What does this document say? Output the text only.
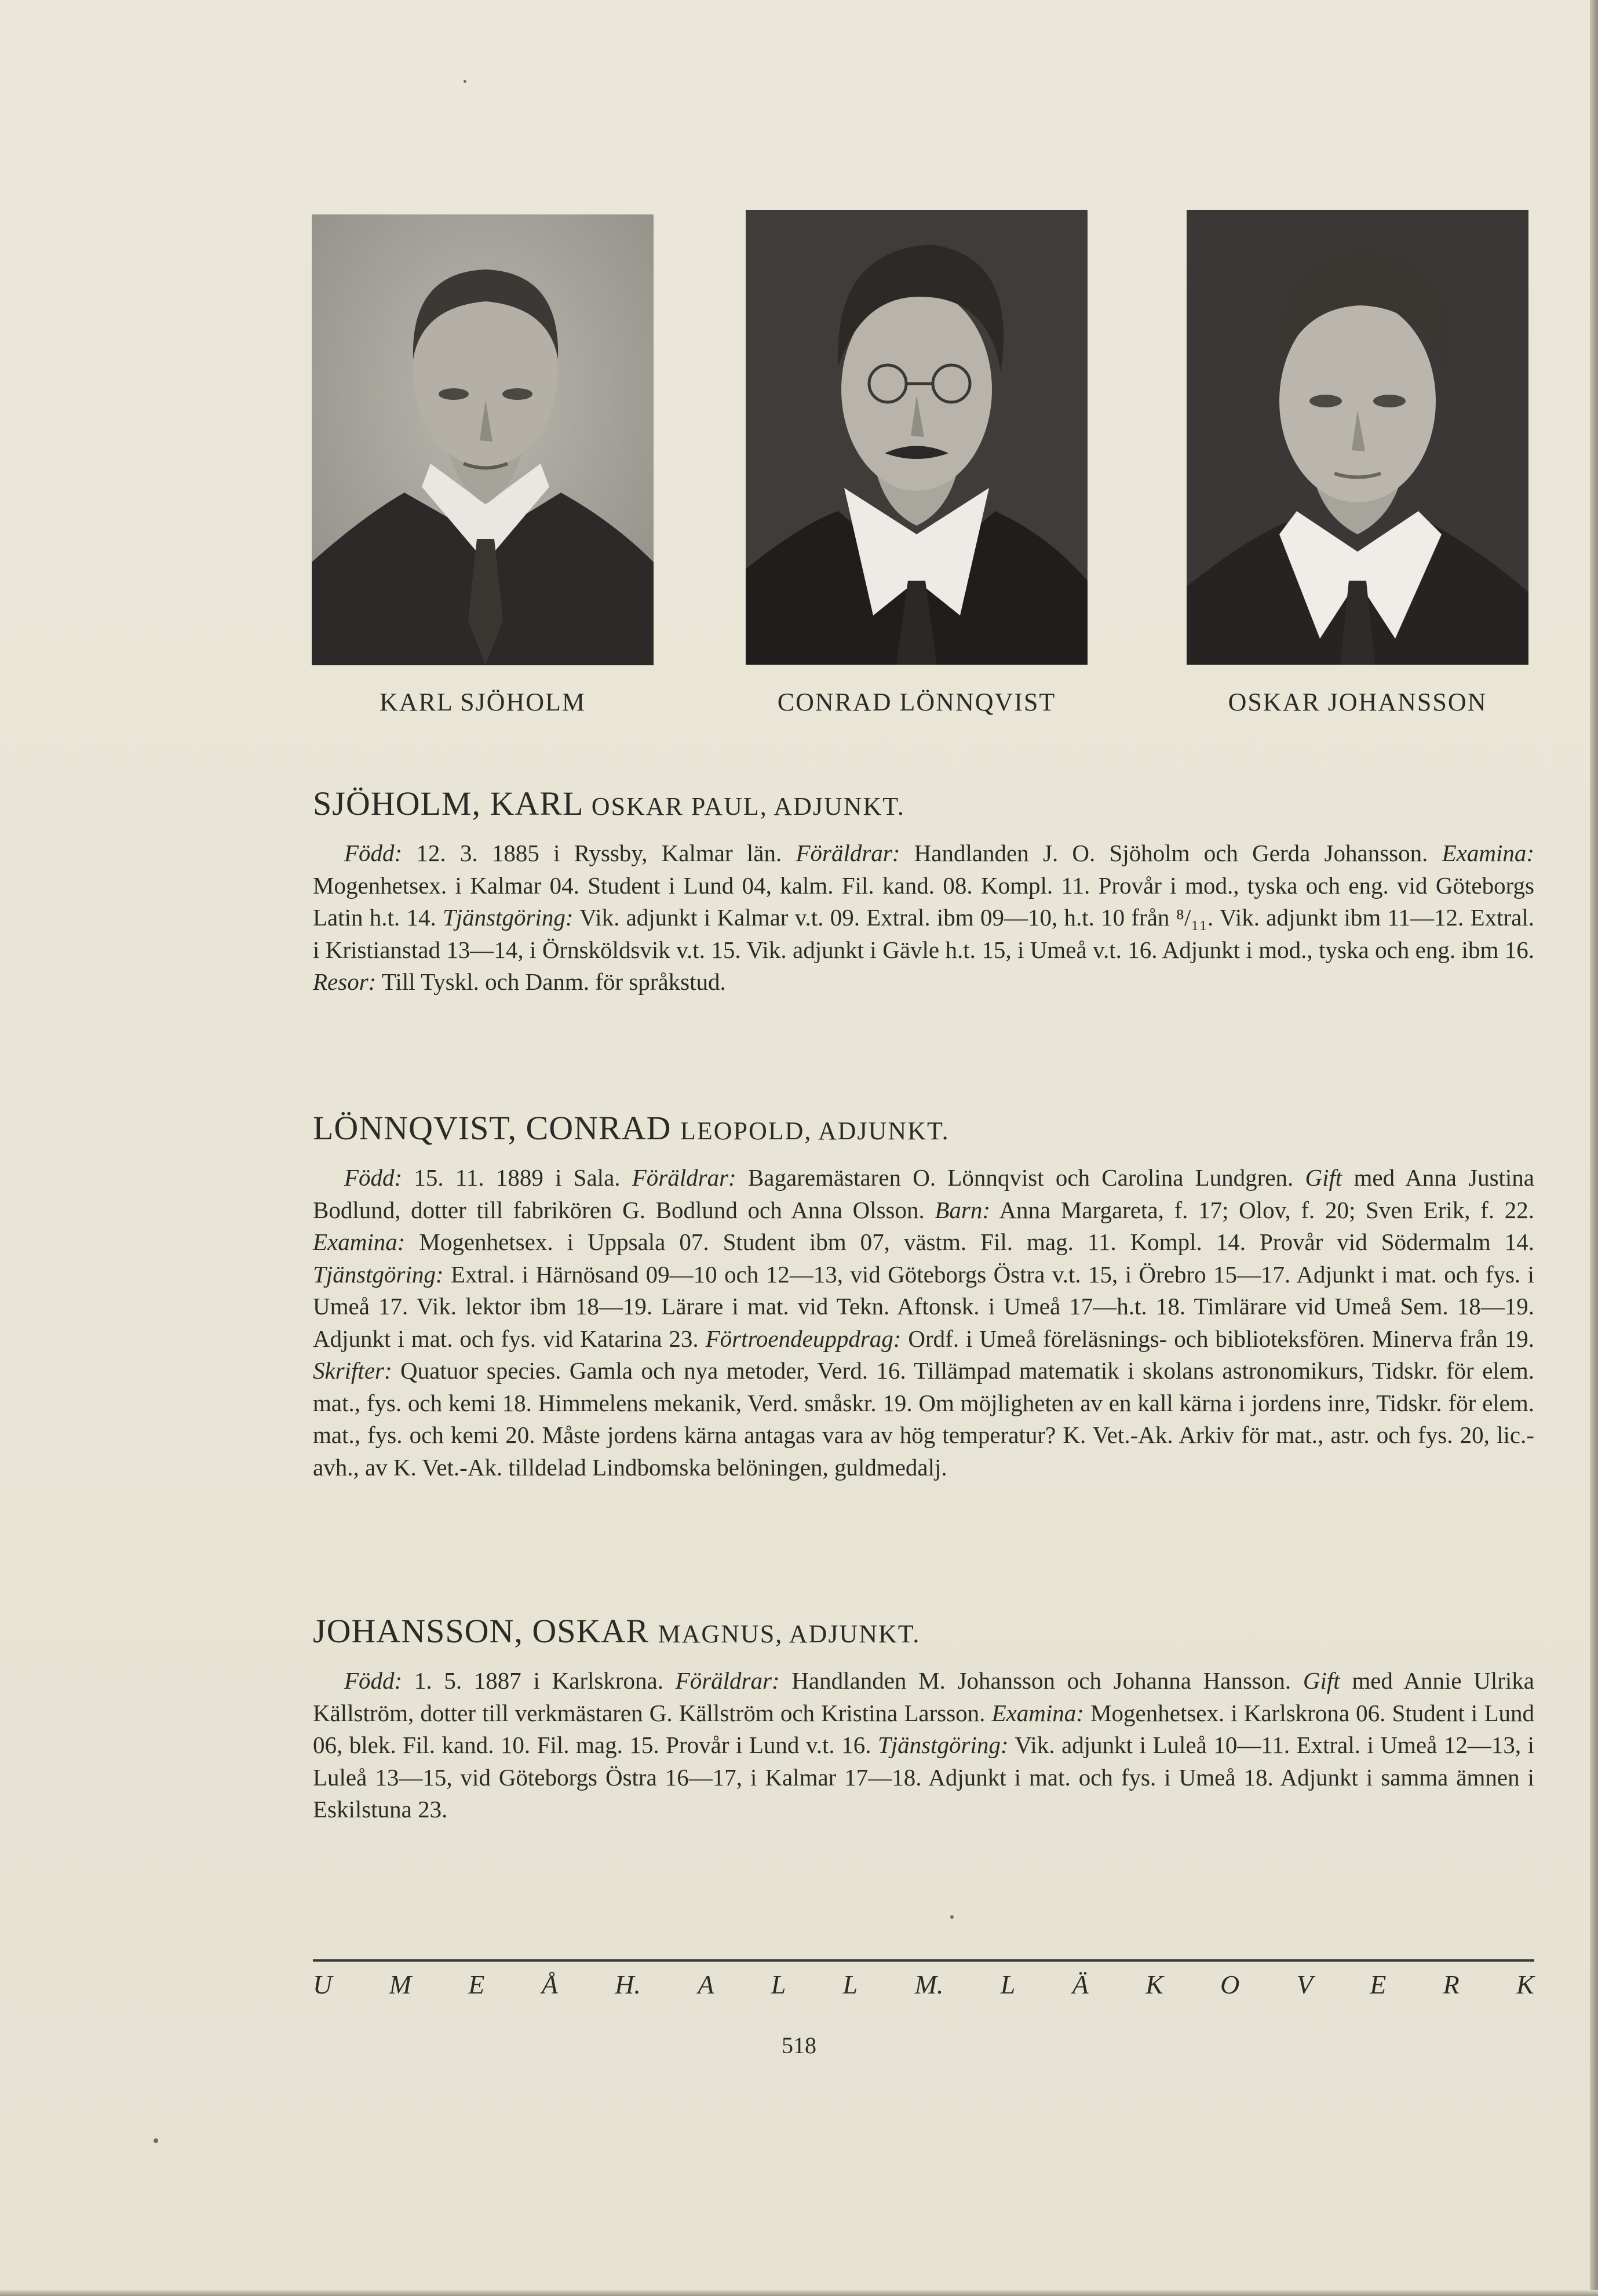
KARL SJÖHOLM	CONRAD LÖNNQVIST	OSKAR JOHANSSON
SJÖHOLM, KARL OSKAR PAUL, ADJUNKT.
Född: 12. 3. 1885 i Ryssby, Kalmar län. Föräldrar: Handlanden J. O. Sjöholm och Gerda Johansson. Examina: Mogenhetsex. i Kalmar 04. Student i Lund 04, kalm. Fil. kand. 08. Kompl. 11. Provår i mod., tyska och eng. vid Göteborgs Latin h.t. 14. Tjänstgöring: Vik. adjunkt i Kalmar v.t. 09. Extral. ibm 09—10, h.t. 10 från ⁸/₁₁. Vik. adjunkt ibm 11—12. Extral. i Kristianstad 13—14, i Örnsköldsvik v.t. 15. Vik. adjunkt i Gävle h.t. 15, i Umeå v.t. 16. Adjunkt i mod., tyska och eng. ibm 16. Resor: Till Tyskl. och Danm. för språkstud.
LÖNNQVIST, CONRAD LEOPOLD, ADJUNKT.
Född: 15. 11. 1889 i Sala. Föräldrar: Bagaremästaren O. Lönnqvist och Carolina Lundgren. Gift med Anna Justina Bodlund, dotter till fabrikören G. Bodlund och Anna Olsson. Barn: Anna Margareta, f. 17; Olov, f. 20; Sven Erik, f. 22. Examina: Mogenhetsex. i Uppsala 07. Student ibm 07, västm. Fil. mag. 11. Kompl. 14. Provår vid Södermalm 14. Tjänstgöring: Extral. i Härnösand 09—10 och 12—13, vid Göteborgs Östra v.t. 15, i Örebro 15—17. Adjunkt i mat. och fys. i Umeå 17. Vik. lektor ibm 18—19. Lärare i mat. vid Tekn. Aftonsk. i Umeå 17—h.t. 18. Timlärare vid Umeå Sem. 18—19. Adjunkt i mat. och fys. vid Katarina 23. Förtroendeuppdrag: Ordf. i Umeå föreläsnings- och biblioteksfören. Minerva från 19. Skrifter: Quatuor species. Gamla och nya metoder, Verd. 16. Tillämpad matematik i skolans astronomikurs, Tidskr. för elem. mat., fys. och kemi 18. Himmelens mekanik, Verd. småskr. 19. Om möjligheten av en kall kärna i jordens inre, Tidskr. för elem. mat., fys. och kemi 20. Måste jordens kärna antagas vara av hög temperatur? K. Vet.-Ak. Arkiv för mat., astr. och fys. 20, lic.-avh., av K. Vet.-Ak. tilldelad Lindbomska belöningen, guldmedalj.
JOHANSSON, OSKAR MAGNUS, ADJUNKT.
Född: 1. 5. 1887 i Karlskrona. Föräldrar: Handlanden M. Johansson och Johanna Hansson. Gift med Annie Ulrika Källström, dotter till verkmästaren G. Källström och Kristina Larsson. Examina: Mogenhetsex. i Karlskrona 06. Student i Lund 06, blek. Fil. kand. 10. Fil. mag. 15. Provår i Lund v.t. 16. Tjänstgöring: Vik. adjunkt i Luleå 10—11. Extral. i Umeå 12—13, i Luleå 13—15, vid Göteborgs Östra 16—17, i Kalmar 17—18. Adjunkt i mat. och fys. i Umeå 18. Adjunkt i samma ämnen i Eskilstuna 23.
U M E Å H. A L L M. L Ä K O V E R K
518
